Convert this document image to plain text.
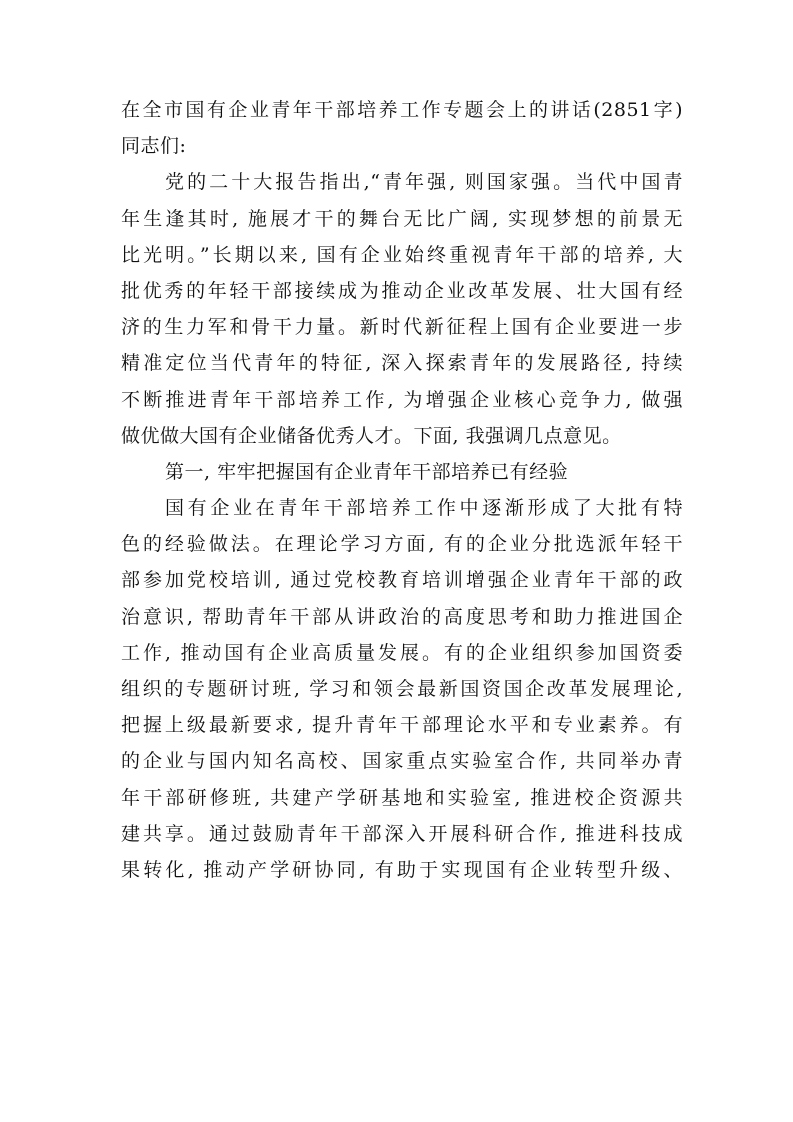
在全市国有企业青年干部培养工作专题会上的讲话(2851字)
同志们:
党的二十大报告指出,“青年强, 则国家强。当代中国青
年生逢其时, 施展才干的舞台无比广阔, 实现梦想的前景无
比光明。”长期以来, 国有企业始终重视青年干部的培养, 大
批优秀的年轻干部接续成为推动企业改革发展、壮大国有经
济的生力军和骨干力量。新时代新征程上国有企业要进一步
精准定位当代青年的特征, 深入探索青年的发展路径, 持续
不断推进青年干部培养工作, 为增强企业核心竞争力, 做强
做优做大国有企业储备优秀人才。下面, 我强调几点意见。
第一, 牢牢把握国有企业青年干部培养已有经验
国有企业在青年干部培养工作中逐渐形成了大批有特
色的经验做法。在理论学习方面, 有的企业分批选派年轻干
部参加党校培训, 通过党校教育培训增强企业青年干部的政
治意识, 帮助青年干部从讲政治的高度思考和助力推进国企
工作, 推动国有企业高质量发展。有的企业组织参加国资委
组织的专题研讨班, 学习和领会最新国资国企改革发展理论,
把握上级最新要求, 提升青年干部理论水平和专业素养。有
的企业与国内知名高校、国家重点实验室合作, 共同举办青
年干部研修班, 共建产学研基地和实验室, 推进校企资源共
建共享。通过鼓励青年干部深入开展科研合作, 推进科技成
果转化, 推动产学研协同, 有助于实现国有企业转型升级、
